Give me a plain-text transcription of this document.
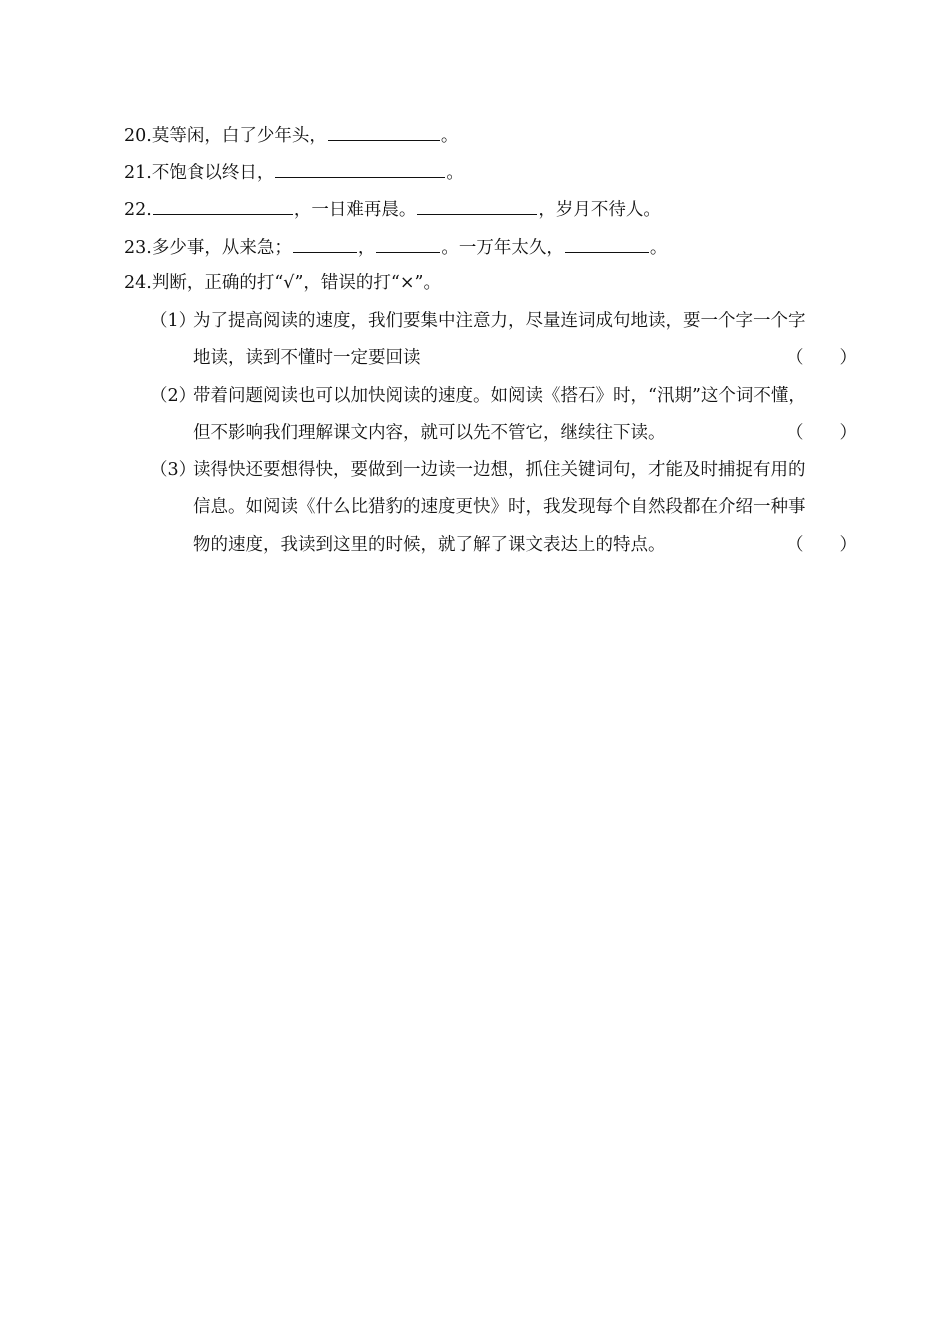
20.莫等闲，白了少年头，	。
21.不饱食以终日，	。
22.	，一日难再晨。	，岁月不待人。
23.多少事，从来急；	，	。一万年太久，	。
24.判断，正确的打“√”，错误的打“×”。
（1）
为了提高阅读的速度，我们要集中注意力，尽量连词成句地读，要一个字一个字
地读，读到不懂时一定要回读	（ ）
（2）
带着问题阅读也可以加快阅读的速度。如阅读《搭石》时，“汛期”这个词不懂，
但不影响我们理解课文内容，就可以先不管它，继续往下读。	（ ）
（3）
读得快还要想得快，要做到一边读一边想，抓住关键词句，才能及时捕捉有用的
信息。如阅读《什么比猎豹的速度更快》时，我发现每个自然段都在介绍一种事
物的速度，我读到这里的时候，就了解了课文表达上的特点。	（ ）
